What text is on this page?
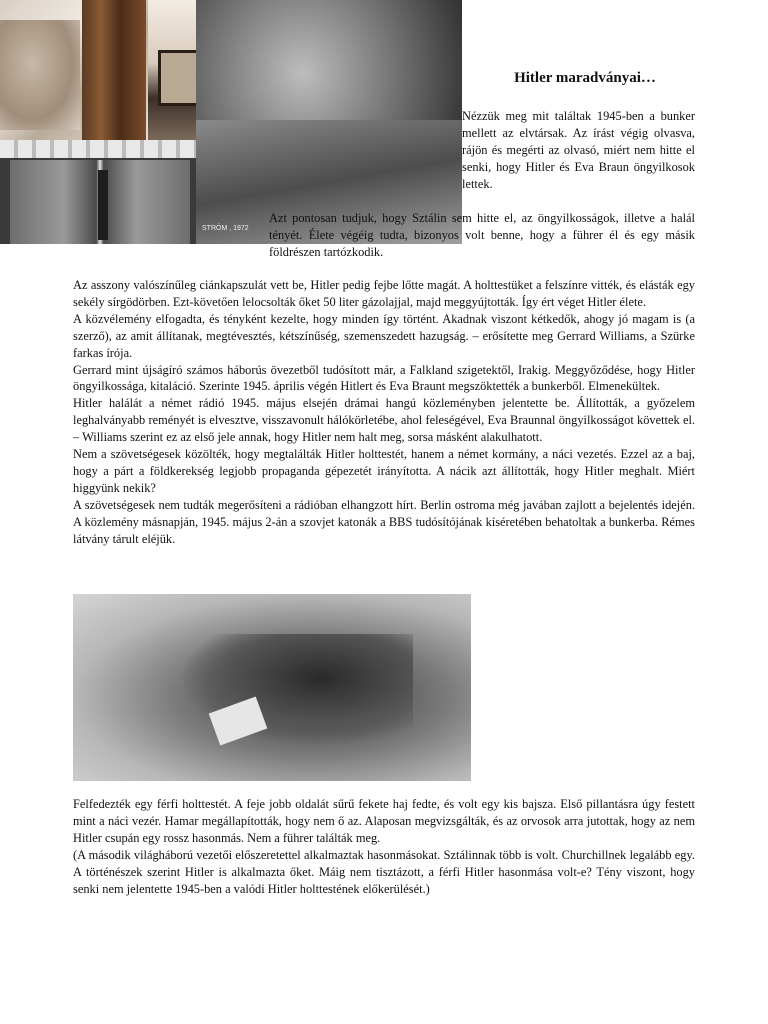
STRÖM , 1972
Hitler maradványai…

Nézzük meg mit találtak 1945-ben a bunker mellett az elvtársak. Az írást végig olvasva, rájön és megérti az olvasó, miért nem hitte el senki, hogy Hitler és Eva Braun öngyilkosok lettek.

Azt pontosan tudjuk, hogy Sztálin sem hitte el, az öngyilkosságok, illetve a halál tényét. Élete végéig tudta, bizonyos volt benne, hogy a führer él és egy másik földrészen tartózkodik.

Az asszony valószínűleg ciánkapszulát vett be, Hitler pedig fejbe lőtte magát. A holttestüket a felszínre vitték, és elásták egy sekély sírgödörben. Ezt-követően lelocsolták őket 50 liter gázolajjal, majd meggyújtották. Így ért véget Hitler élete.

A közvélemény elfogadta, és tényként kezelte, hogy minden így történt. Akadnak viszont kétkedők, ahogy jó magam is (a szerző), az amit állítanak, megtévesztés, kétszínűség, szemenszedett hazugság. – erősítette meg Gerrard Williams, a Szürke farkas írója.

Gerrard mint újságíró számos háborús övezetből tudósított már, a Falkland szigetektől, Irakig. Meggyőződése, hogy Hitler öngyilkossága, kitaláció. Szerinte 1945. április végén Hitlert és Eva Braunt megszöktették a bunkerből. Elmenekültek.

Hitler halálát a német rádió 1945. május elsején drámai hangú közleményben jelentette be. Állították, a győzelem leghalványabb reményét is elvesztve, visszavonult hálókörletébe, ahol feleségével, Eva Braunnal öngyilkosságot követtek el. – Williams szerint ez az első jele annak, hogy Hitler nem halt meg, sorsa másként alakulhatott.

Nem a szövetségesek közölték, hogy megtalálták Hitler holttestét, hanem a német kormány, a náci vezetés. Ezzel az a baj, hogy a párt a földkerekség legjobb propaganda gépezetét irányította. A nácik azt állították, hogy Hitler meghalt. Miért higgyünk nekik?

A szövetségesek nem tudták megerősíteni a rádióban elhangzott hírt. Berlin ostroma még javában zajlott a bejelentés idején. A közlemény másnapján, 1945. május 2-án a szovjet katonák a BBS tudósítójának kíséretében behatoltak a bunkerba. Rémes látvány tárult eléjük.

Felfedezték egy férfi holttestét. A feje jobb oldalát sűrű fekete haj fedte, és volt egy kis bajsza. Első pillantásra úgy festett mint a náci vezér. Hamar megállapították, hogy nem ő az. Alaposan megvizsgálták, és az orvosok arra jutottak, hogy az nem Hitler csupán egy rossz hasonmás. Nem a führer találták meg.

(A második világháború vezetői előszeretettel alkalmaztak hasonmásokat. Sztálinnak több is volt. Churchillnek legalább egy. A történészek szerint Hitler is alkalmazta őket. Máig nem tisztázott, a férfi Hitler hasonmása volt-e? Tény viszont, hogy senki nem jelentette 1945-ben a valódi Hitler holttestének előkerülését.)
